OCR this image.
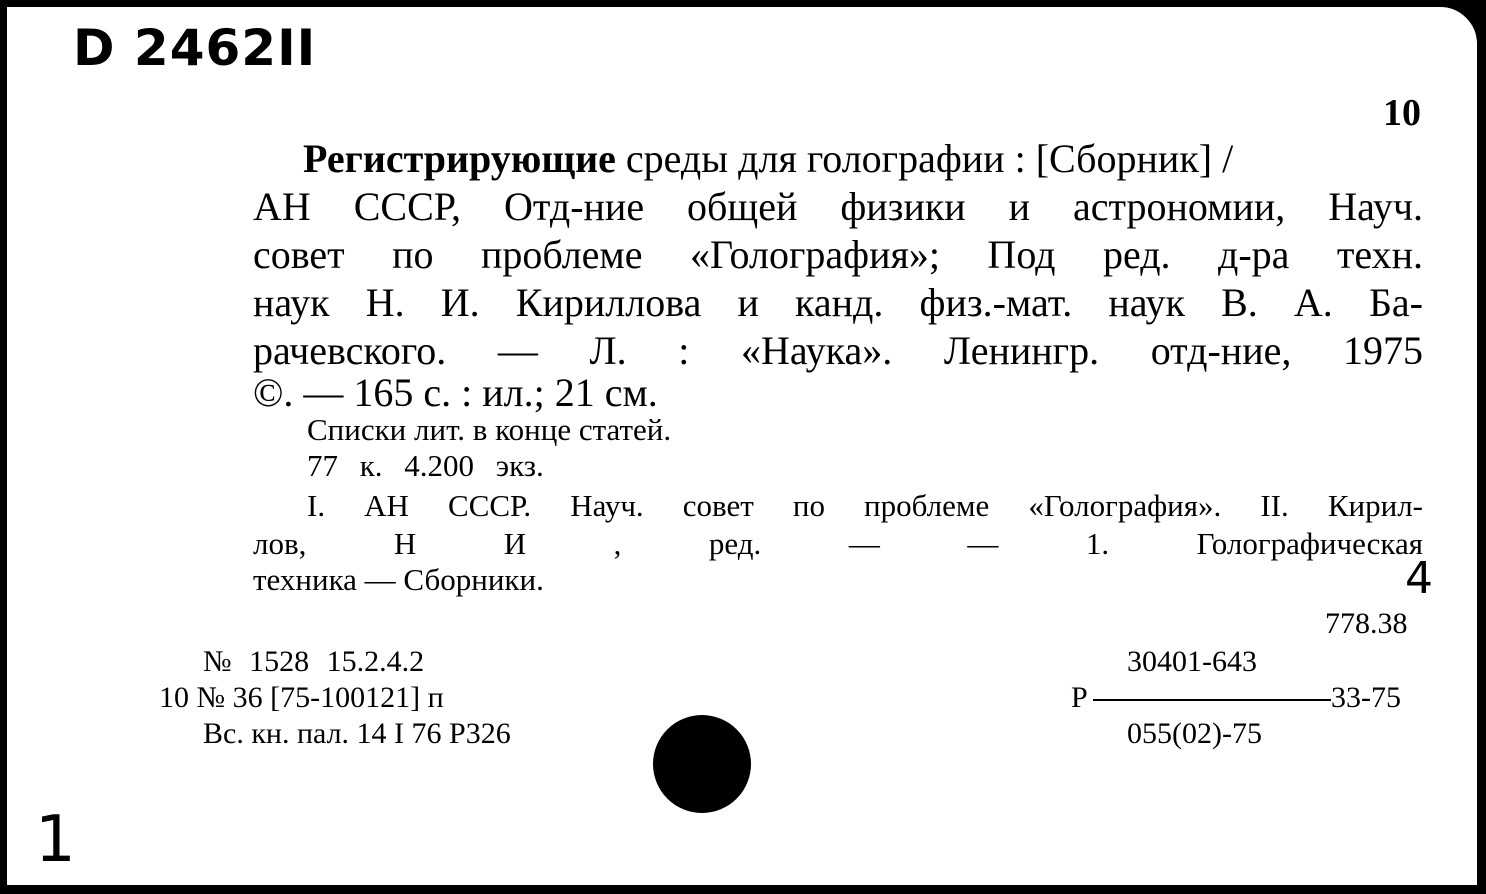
D 2462II
10
Регистрирующие среды для голографии : [Сборник] /
АН СССР, Отд-ние общей физики и астрономии, Науч.
совет по проблеме «Голография»; Под ред. д-ра техн.
наук Н. И. Кириллова и канд. физ.-мат. наук В. А. Ба-
рачевского. — Л. : «Наука». Ленингр. отд-ние, 1975
©. — 165 с. : ил.; 21 см.
Списки лит. в конце статей.
77 к. 4.200 экз.
I. АН СССР. Науч. совет по проблеме «Голография». II. Кирил-
лов, Н И , ред. — — 1. Голографическая
техника — Сборники.	4
778.38
№ 1528 15.2.4.2
10 № 36 [75-100121] п
Вс. кн. пал. 14 I 76 Р326
30401-643
Р	33-75
055(02)-75
1
